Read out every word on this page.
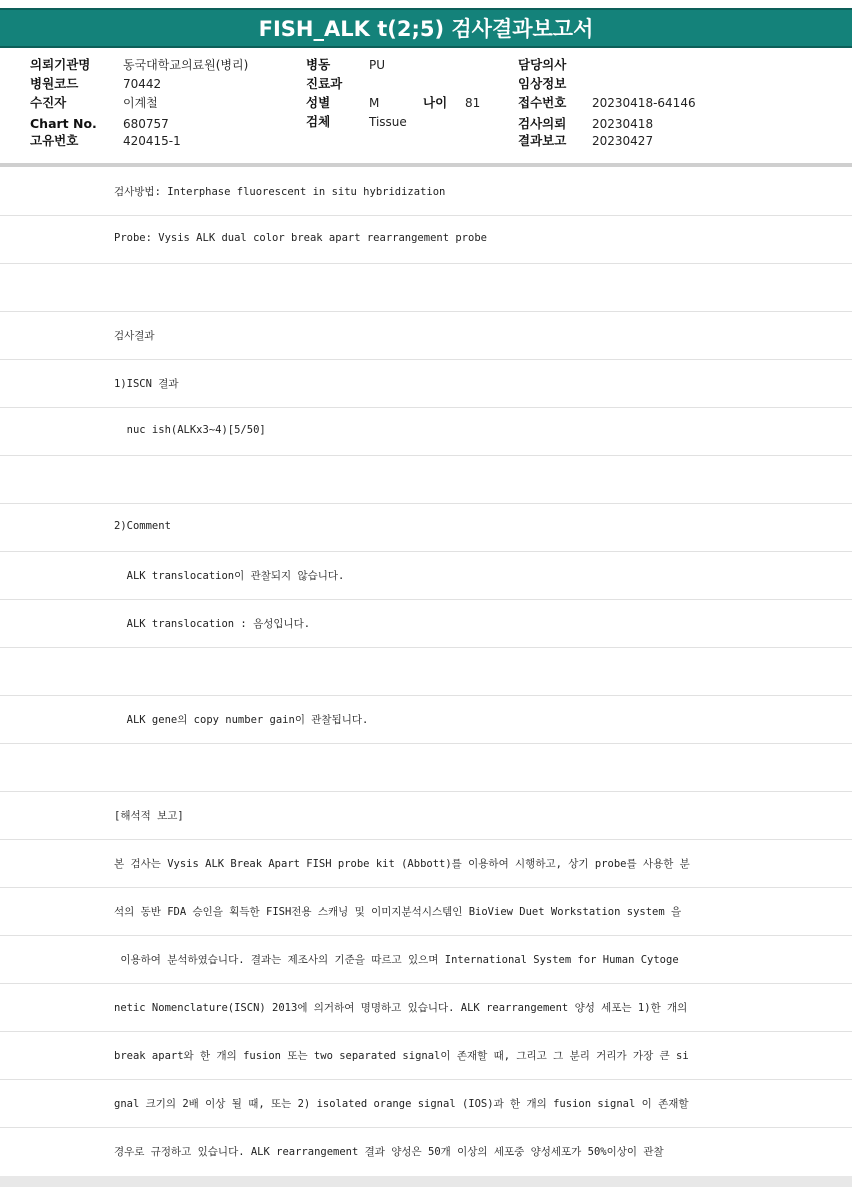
FISH_ALK t(2;5) 검사결과보고서
의뢰기관명
병원코드
수진자
Chart No.
고유번호
동국대학교의료원(병리)
70442
이계철
680757
420415-1
병동
진료과
성별
검체
PU
M
Tissue
나이 81
담당의사
임상정보
접수번호
검사의뢰
결과보고
20230418-64146
20230418
20230427
검사방법: Interphase fluorescent in situ hybridization
Probe: Vysis ALK dual color break apart rearrangement probe
검사결과
1)ISCN 결과
nuc ish(ALKx3~4)[5/50]
2)Comment
ALK translocation이 관찰되지 않습니다.
ALK translocation : 음성입니다.
ALK gene의 copy number gain이 관찰됩니다.
[해석적 보고]
본 검사는 Vysis ALK Break Apart FISH probe kit (Abbott)를 이용하여 시행하고, 상기 probe를 사용한 분
석의 동반 FDA 승인을 획득한 FISH전용 스캐닝 및 이미지분석시스템인 BioView Duet Workstation system 을
이용하여 분석하였습니다. 결과는 제조사의 기준을 따르고 있으며 International System for Human Cytoge
netic Nomenclature(ISCN) 2013에 의거하여 명명하고 있습니다. ALK rearrangement 양성 세포는 1)한 개의
break apart와 한 개의 fusion 또는 two separated signal이 존재할 때, 그리고 그 분리 거리가 가장 큰 si
gnal 크기의 2배 이상 될 때, 또는 2) isolated orange signal (IOS)과 한 개의 fusion signal 이 존재할
경우로 규정하고 있습니다. ALK rearrangement 결과 양성은 50개 이상의 세포중 양성세포가 50%이상이 관찰
